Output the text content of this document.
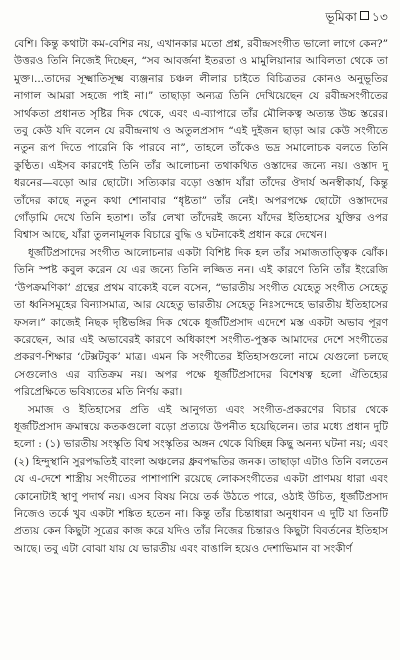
ভূমিকা ১৩

বেশি। কিন্তু কথাটা কম-বেশির নয়, এখানকার মতো প্রশ্ন, রবীন্দ্রসংগীত ভালো লাগে কেন?” উত্তরও তিনি নিজেই দিচ্ছেন, “সব আবর্জনা ইতরতা ও মামুলিয়ানার আবিলতা থেকে তা মুক্ত।...তাদের সূক্ষ্মাতিসূক্ষ্ম ব্যঞ্জনার চঞ্চল লীলার চাইতে বিচিত্রতর কোনও অনুভূতির নাগাল আমরা সহজে পাই না।” তাছাড়া অন্যত্র তিনি দেখিয়েছেন যে রবীন্দ্রসংগীতের সার্থকতা প্রধানত সৃষ্টির দিক থেকে, এবং এ-ব্যাপারে তাঁর মৌলিকত্ব অত্যন্ত উচ্চ স্তরের। তবু কেউ যদি বলেন যে রবীন্দ্রনাথ ও অতুলপ্রসাদ “এই দুইজন ছাড়া আর কেউ সংগীতে নতুন রূপ দিতে পারেনি কি পারবে না”, তাহলে তাঁকেও ভদ্র সমালোচক বলতে তিনি কুণ্ঠিত। এইসব কারণেই তিনি তাঁর আলোচনা তথাকথিত ওস্তাদের জন্যে নয়। ওস্তাদ দু ধরনের—বড়ো আর ছোটো। সত্যিকার বড়ো ওস্তাদ যাঁরা তাঁদের ঔদার্য অনস্বীকার্য, কিন্তু তাঁদের কাছে নতুন কথা শোনাবার “ধৃষ্টতা” তাঁর নেই। অপরপক্ষে ছোটো ওস্তাদদের গোঁড়ামি দেখে তিনি হতাশ। তাঁর লেখা তাঁদেরই জন্যে যাঁদের ইতিহাসের যুক্তির ওপর বিশ্বাস আছে, যাঁরা তুলনামূলক বিচারে বুদ্ধি ও ঘটনাকেই প্রধান করে দেখেন।

ধূর্জটিপ্রসাদের সংগীত আলোচনার একটা বিশিষ্ট দিক হল তাঁর সমাজতাত্ত্বিক ঝোঁক। তিনি স্পষ্ট কবুল করেন যে এর জন্যে তিনি লজ্জিত নন। এই কারণে তিনি তাঁর ইংরেজি ‘উপক্রমণিকা’ গ্রন্থের প্রথম বাক্যেই বলে বসেন, “ভারতীয় সংগীত যেহেতু সংগীত সেহেতু তা ধ্বনিসমূহের বিন্যাসমাত্র, আর যেহেতু ভারতীয় সেহেতু নিঃসন্দেহে ভারতীয় ইতিহাসের ফসল।” কাজেই নিছক দৃষ্টিভঙ্গির দিক থেকে ধূর্জটিপ্রসাদ এদেশে মস্ত একটা অভাব পূরণ করেছেন, আর এই অভাবেরই কারণে অধিকাংশ সংগীত-পুস্তক আমাদের দেশে সংগীতের প্রকরণ-শিক্ষার ‘টেক্সটবুক’ মাত্র। এমন কি সংগীতের ইতিহাসগুলো নামে যেগুলো চলছে সেগুলোও এর ব্যতিক্রম নয়। অপর পক্ষে ধূর্জটিপ্রসাদের বিশেষত্ব হলো ঐতিহ্যের পরিপ্রেক্ষিতে ভবিষ্যতের মতি নির্ণয় করা।

সমাজ ও ইতিহাসের প্রতি এই আনুগত্য এবং সংগীত-প্রকরণের বিচার থেকে ধূর্জটিপ্রসাদ ক্রমান্বয়ে কতকগুলো বড়ো প্রত্যয়ে উপনীত হয়েছিলেন। তার মধ্যে প্রধান দুটি হলো : (১) ভারতীয় সংস্কৃতি বিশ্ব সংস্কৃতির অঙ্গন থেকে বিচ্ছিন্ন কিছু অনন্য ঘটনা নয়; এবং (২) হিন্দুস্থানি সুরপদ্ধতিই বাংলা অঞ্চলের ধ্রুবপদ্ধতির জনক। তাছাড়া এটাও তিনি বলতেন যে এ-দেশে শাস্ত্রীয় সংগীতের পাশাপাশি রয়েছে লোকসংগীতের একটা প্রাণময় ধারা এবং কোনোটাই স্থাণু পদার্থ নয়। এসব বিষয় নিয়ে তর্ক উঠতে পারে, ওঠাই উচিত, ধূর্জটিপ্রসাদ নিজেও তর্কে খুব একটা শঙ্কিত হতেন না। কিন্তু তাঁর চিন্তাধারা অনুধাবন এ দুটি যা তিনটি প্রত্যয় কেন কিছুটা সূত্রের কাজ করে যদিও তাঁর নিজের চিন্তারও কিছুটা বিবর্তনের ইতিহাস আছে। তবু এটা বোঝা যায় যে ভারতীয় এবং বাঙালি হয়েও দেশাভিমান বা সংকীর্ণ
